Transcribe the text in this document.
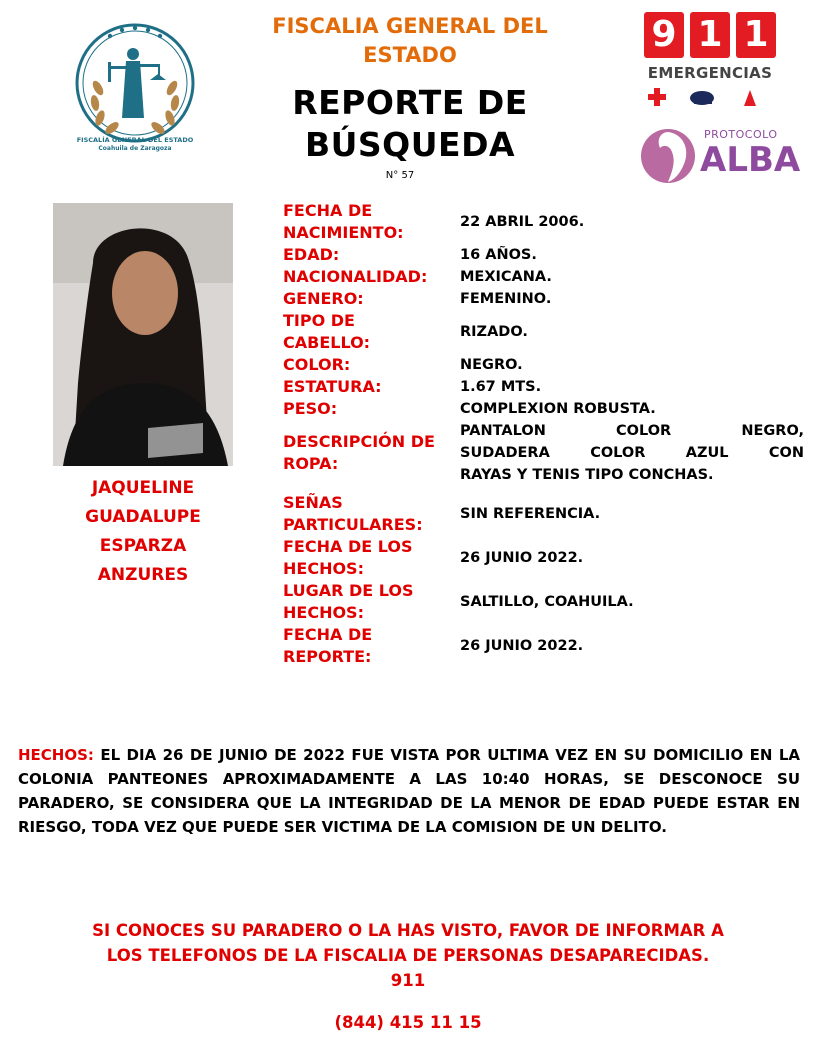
FISCALIA GENERAL DEL
ESTADO
REPORTE DE
BÚSQUEDA
N° 57
FISCALÍA GENERAL DEL ESTADO
Coahuila de Zaragoza
9 1 1
EMERGENCIAS
PROTOCOLO
ALBA
JAQUELINE
GUADALUPE
ESPARZA
ANZURES
FECHA DE
NACIMIENTO:
22 ABRIL 2006.
EDAD:	16 AÑOS.
NACIONALIDAD:	MEXICANA.
GENERO:	FEMENINO.
TIPO DE
CABELLO:
RIZADO.
COLOR:	NEGRO.
ESTATURA:	1.67 MTS.
PESO:	COMPLEXION ROBUSTA.
DESCRIPCIÓN DE
ROPA:
PANTALON COLOR NEGRO,
SUDADERA COLOR AZUL CON
RAYAS Y TENIS TIPO CONCHAS.
SEÑAS
PARTICULARES:
SIN REFERENCIA.
FECHA DE LOS
HECHOS:
26 JUNIO 2022.
LUGAR DE LOS
HECHOS:
SALTILLO, COAHUILA.
FECHA DE
REPORTE:
26 JUNIO 2022.
HECHOS: EL DIA 26 DE JUNIO DE 2022 FUE VISTA POR ULTIMA VEZ EN SU DOMICILIO EN LA COLONIA PANTEONES APROXIMADAMENTE A LAS 10:40 HORAS, SE DESCONOCE SU PARADERO, SE CONSIDERA QUE LA INTEGRIDAD DE LA MENOR DE EDAD PUEDE ESTAR EN RIESGO, TODA VEZ QUE PUEDE SER VICTIMA DE LA COMISION DE UN DELITO.
SI CONOCES SU PARADERO O LA HAS VISTO, FAVOR DE INFORMAR A
LOS TELEFONOS DE LA FISCALIA DE PERSONAS DESAPARECIDAS.
911
(844) 415 11 15
